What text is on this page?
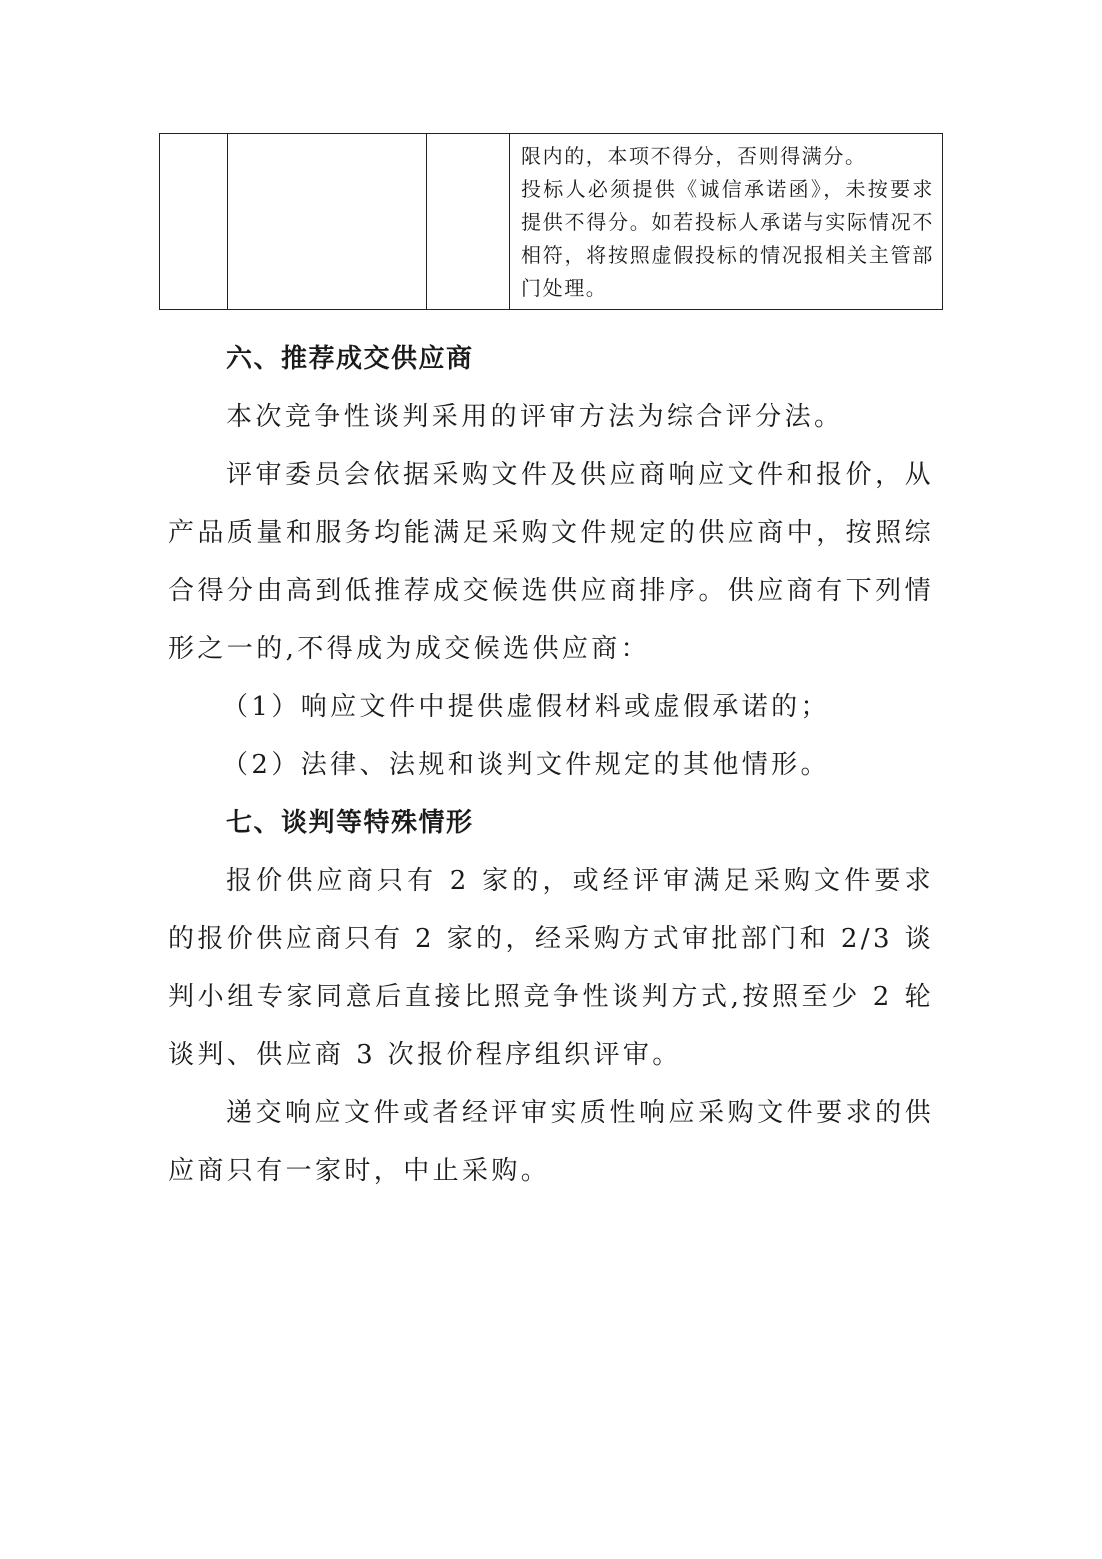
限内的，本项不得分，否则得满分。

投标人必须提供《诚信承诺函》，未按要求提供不得分。如若投标人承诺与实际情况不相符，将按照虚假投标的情况报相关主管部门处理。

六、推荐成交供应商

本次竞争性谈判采用的评审方法为综合评分法。

评审委员会依据采购文件及供应商响应文件和报价，从产品质量和服务均能满足采购文件规定的供应商中，按照综合得分由高到低推荐成交候选供应商排序。供应商有下列情形之一的,不得成为成交候选供应商：

（1）响应文件中提供虚假材料或虚假承诺的；

（2）法律、法规和谈判文件规定的其他情形。

七、谈判等特殊情形

报价供应商只有 2 家的，或经评审满足采购文件要求的报价供应商只有 2 家的，经采购方式审批部门和 2/3 谈判小组专家同意后直接比照竞争性谈判方式,按照至少 2 轮谈判、供应商 3 次报价程序组织评审。

递交响应文件或者经评审实质性响应采购文件要求的供应商只有一家时，中止采购。
